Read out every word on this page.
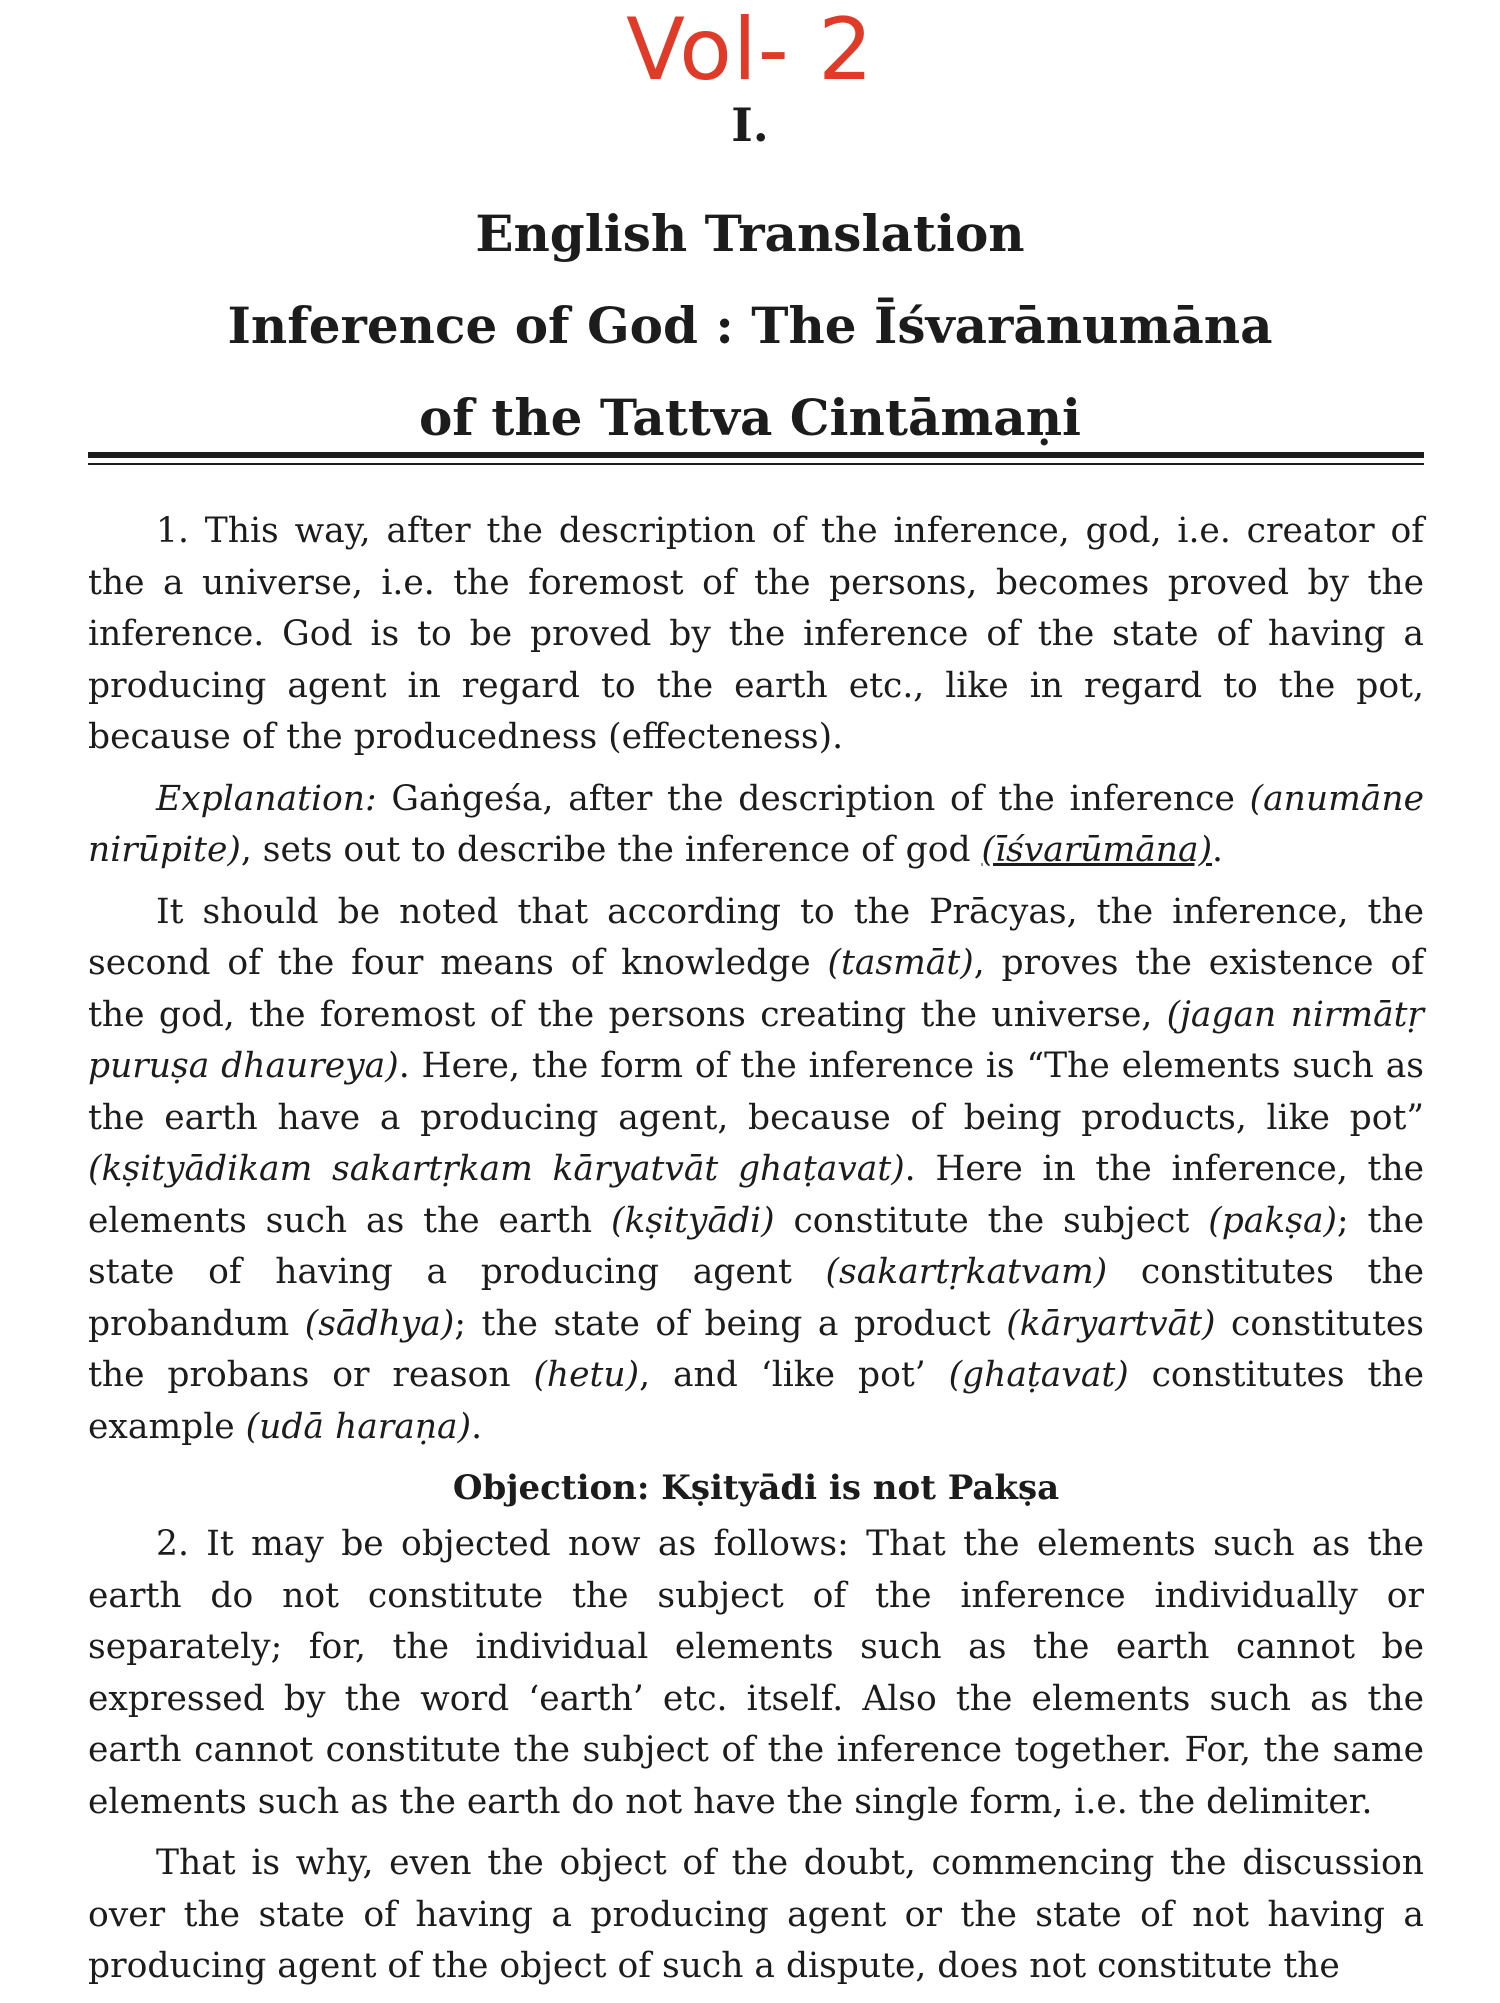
Vol- 2
I.
English Translation
Inference of God : The Īśvarānumāna
of the Tattva Cintāmaṇi

1. This way, after the description of the inference, god, i.e. creator of the a universe, i.e. the foremost of the persons, becomes proved by the inference. God is to be proved by the inference of the state of having a producing agent in regard to the earth etc., like in regard to the pot, because of the producedness (effecteness).

Explanation: Gaṅgeśa, after the description of the inference (anumāne nirūpite), sets out to describe the inference of god (īśvarūmāna).

It should be noted that according to the Prācyas, the inference, the second of the four means of knowledge (tasmāt), proves the existence of the god, the foremost of the persons creating the universe, (jagan nirmātṛ puruṣa dhaureya). Here, the form of the inference is “The elements such as the earth have a producing agent, because of being products, like pot” (kṣityādikam sakartṛkam kāryatvāt ghaṭavat). Here in the inference, the elements such as the earth (kṣityādi) constitute the subject (pakṣa); the state of having a producing agent (sakartṛkatvam) constitutes the probandum (sādhya); the state of being a product (kāryartvāt) constitutes the probans or reason (hetu), and ‘like pot’ (ghaṭavat) constitutes the example (udā haraṇa).

Objection: Kṣityādi is not Pakṣa

2. It may be objected now as follows: That the elements such as the earth do not constitute the subject of the inference individually or separately; for, the individual elements such as the earth cannot be expressed by the word ‘earth’ etc. itself. Also the elements such as the earth cannot constitute the subject of the inference together. For, the same elements such as the earth do not have the single form, i.e. the delimiter.

That is why, even the object of the doubt, commencing the discussion over the state of having a producing agent or the state of not having a producing agent of the object of such a dispute, does not constitute the
